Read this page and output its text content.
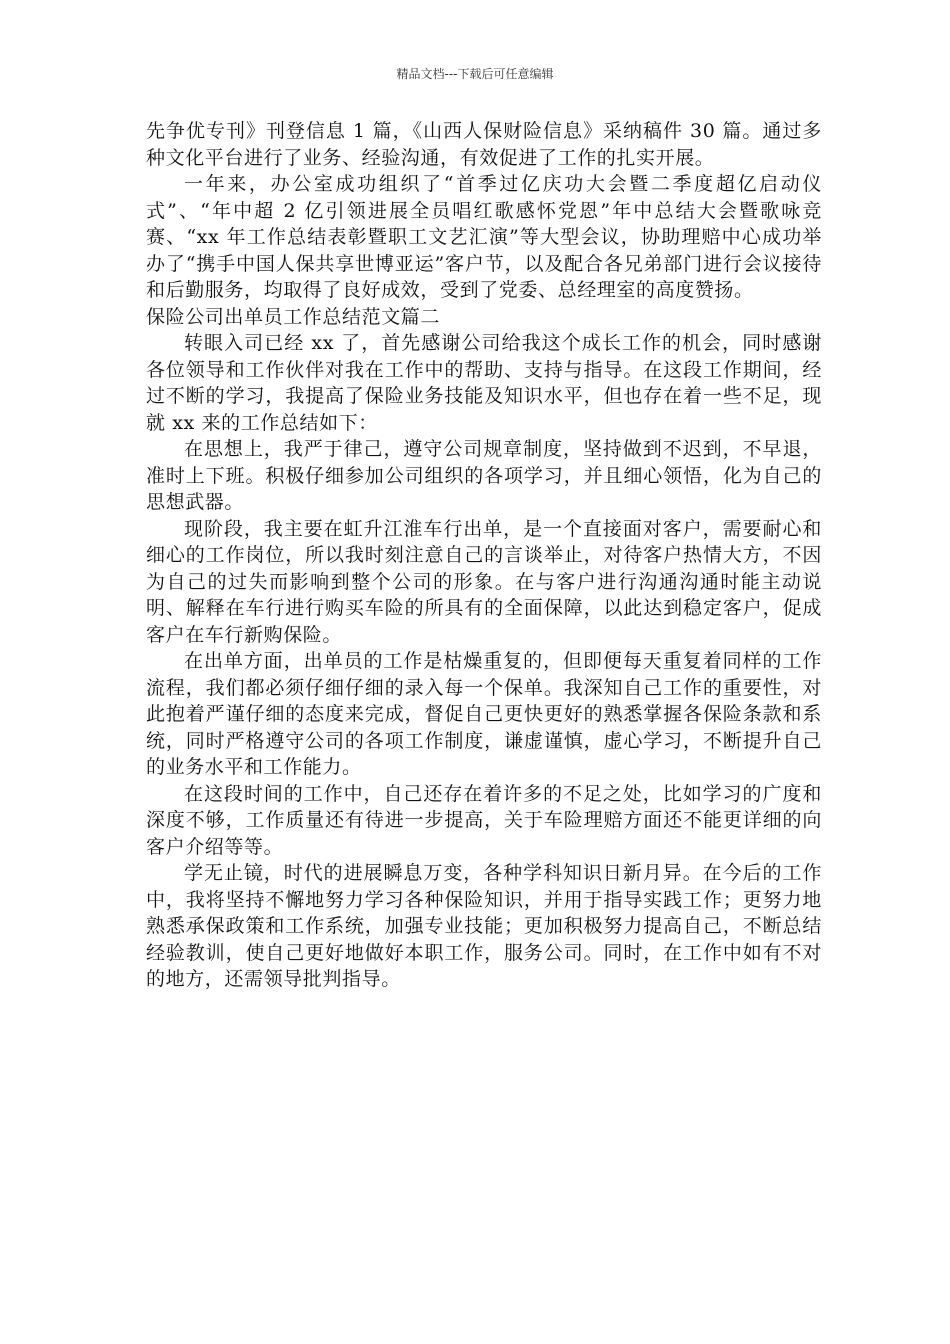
精品文档---下载后可任意编辑

先争优专刊》刊登信息 1 篇，《山西人保财险信息》采纳稿件 30 篇。通过多种文化平台进行了业务、经验沟通，有效促进了工作的扎实开展。

一年来，办公室成功组织了“首季过亿庆功大会暨二季度超亿启动仪式”、“年中超 2 亿引领进展全员唱红歌感怀党恩”年中总结大会暨歌咏竞赛、“xx 年工作总结表彰暨职工文艺汇演”等大型会议，协助理赔中心成功举办了“携手中国人保共享世博亚运”客户节，以及配合各兄弟部门进行会议接待和后勤服务，均取得了良好成效，受到了党委、总经理室的高度赞扬。

保险公司出单员工作总结范文篇二

转眼入司已经 xx 了，首先感谢公司给我这个成长工作的机会，同时感谢各位领导和工作伙伴对我在工作中的帮助、支持与指导。在这段工作期间，经过不断的学习，我提高了保险业务技能及知识水平，但也存在着一些不足，现就 xx 来的工作总结如下：

在思想上，我严于律己，遵守公司规章制度，坚持做到不迟到，不早退，准时上下班。积极仔细参加公司组织的各项学习，并且细心领悟，化为自己的思想武器。

现阶段，我主要在虹升江淮车行出单，是一个直接面对客户，需要耐心和细心的工作岗位，所以我时刻注意自己的言谈举止，对待客户热情大方，不因为自己的过失而影响到整个公司的形象。在与客户进行沟通沟通时能主动说明、解释在车行进行购买车险的所具有的全面保障，以此达到稳定客户，促成客户在车行新购保险。

在出单方面，出单员的工作是枯燥重复的，但即便每天重复着同样的工作流程，我们都必须仔细仔细的录入每一个保单。我深知自己工作的重要性，对此抱着严谨仔细的态度来完成，督促自己更快更好的熟悉掌握各保险条款和系统，同时严格遵守公司的各项工作制度，谦虚谨慎，虚心学习，不断提升自己的业务水平和工作能力。

在这段时间的工作中，自己还存在着许多的不足之处，比如学习的广度和深度不够，工作质量还有待进一步提高，关于车险理赔方面还不能更详细的向客户介绍等等。

学无止镜，时代的进展瞬息万变，各种学科知识日新月异。在今后的工作中，我将坚持不懈地努力学习各种保险知识，并用于指导实践工作；更努力地熟悉承保政策和工作系统，加强专业技能；更加积极努力提高自己，不断总结经验教训，使自己更好地做好本职工作，服务公司。同时，在工作中如有不对的地方，还需领导批判指导。
